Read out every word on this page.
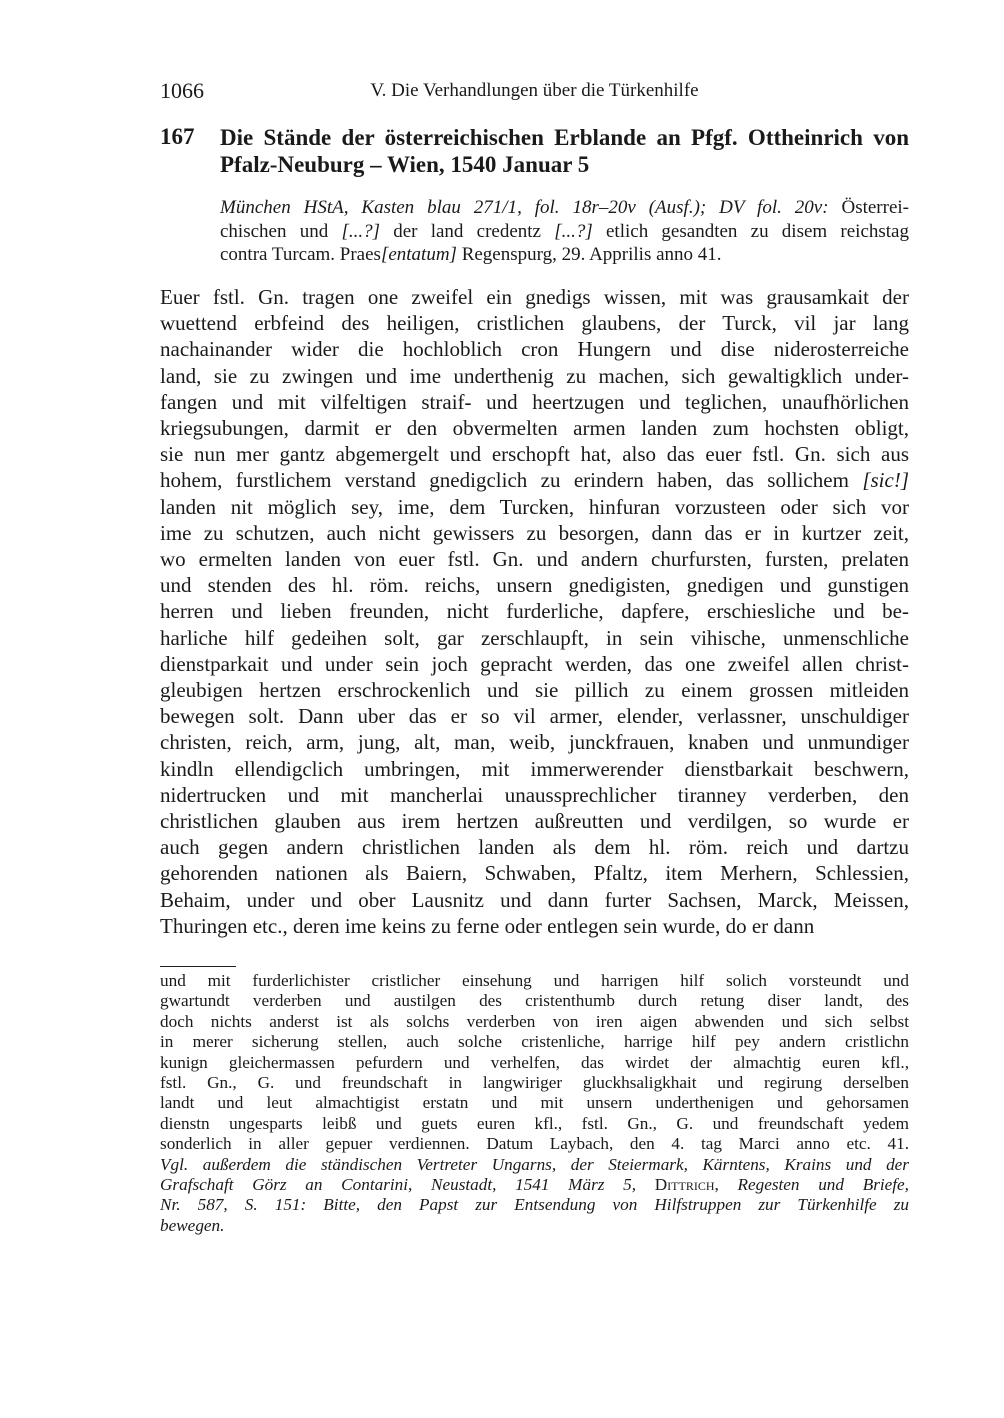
1066	V. Die Verhandlungen über die Türkenhilfe
167 Die Stände der österreichischen Erblande an Pfgf. Ottheinrich von
Pfalz-Neuburg – Wien, 1540 Januar 5
München HStA, Kasten blau 271/1, fol. 18r–20v (Ausf.); DV fol. 20v: Österrei-
chischen und [...?] der land credentz [...?] etlich gesandten zu disem reichstag
contra Turcam. Praes[entatum] Regenspurg, 29. Apprilis anno 41.
Euer fstl. Gn. tragen one zweifel ein gnedigs wissen, mit was grausamkait der
wuettend erbfeind des heiligen, cristlichen glaubens, der Turck, vil jar lang
nachainander wider die hochloblich cron Hungern und dise niderosterreiche
land, sie zu zwingen und ime underthenig zu machen, sich gewaltigklich under-
fangen und mit vilfeltigen straif- und heertzugen und teglichen, unaufhörlichen
kriegsubungen, darmit er den obvermelten armen landen zum hochsten obligt,
sie nun mer gantz abgemergelt und erschopft hat, also das euer fstl. Gn. sich aus
hohem, furstlichem verstand gnedigclich zu erindern haben, das sollichem [sic!]
landen nit möglich sey, ime, dem Turcken, hinfuran vorzusteen oder sich vor
ime zu schutzen, auch nicht gewissers zu besorgen, dann das er in kurtzer zeit,
wo ermelten landen von euer fstl. Gn. und andern churfursten, fursten, prelaten
und stenden des hl. röm. reichs, unsern gnedigisten, gnedigen und gunstigen
herren und lieben freunden, nicht furderliche, dapfere, erschiesliche und be-
harliche hilf gedeihen solt, gar zerschlaupft, in sein vihische, unmenschliche
dienstparkait und under sein joch gepracht werden, das one zweifel allen christ-
gleubigen hertzen erschrockenlich und sie pillich zu einem grossen mitleiden
bewegen solt. Dann uber das er so vil armer, elender, verlassner, unschuldiger
christen, reich, arm, jung, alt, man, weib, junckfrauen, knaben und unmundiger
kindln ellendigclich umbringen, mit immerwerender dienstbarkait beschwern,
nidertrucken und mit mancherlai unaussprechlicher tiranney verderben, den
christlichen glauben aus irem hertzen außreutten und verdilgen, so wurde er
auch gegen andern christlichen landen als dem hl. röm. reich und dartzu
gehorenden nationen als Baiern, Schwaben, Pfaltz, item Merhern, Schlessien,
Behaim, under und ober Lausnitz und dann furter Sachsen, Marck, Meissen,
Thuringen etc., deren ime keins zu ferne oder entlegen sein wurde, do er dann
und mit furderlichister cristlicher einsehung und harrigen hilf solich vorsteundt und
gwartundt verderben und austilgen des cristenthumb durch retung diser landt, des
doch nichts anderst ist als solchs verderben von iren aigen abwenden und sich selbst
in merer sicherung stellen, auch solche cristenliche, harrige hilf pey andern cristlichn
kunign gleichermassen pefurdern und verhelfen, das wirdet der almachtig euren kfl.,
fstl. Gn., G. und freundschaft in langwiriger gluckhsaligkhait und regirung derselben
landt und leut almachtigist erstatn und mit unsern underthenigen und gehorsamen
dienstn ungesparts leibß und guets euren kfl., fstl. Gn., G. und freundschaft yedem
sonderlich in aller gepuer verdiennen. Datum Laybach, den 4. tag Marci anno etc. 41.
Vgl. außerdem die ständischen Vertreter Ungarns, der Steiermark, Kärntens, Krains und der
Grafschaft Görz an Contarini, Neustadt, 1541 März 5, Dittrich, Regesten und Briefe,
Nr. 587, S. 151: Bitte, den Papst zur Entsendung von Hilfstruppen zur Türkenhilfe zu
bewegen.
